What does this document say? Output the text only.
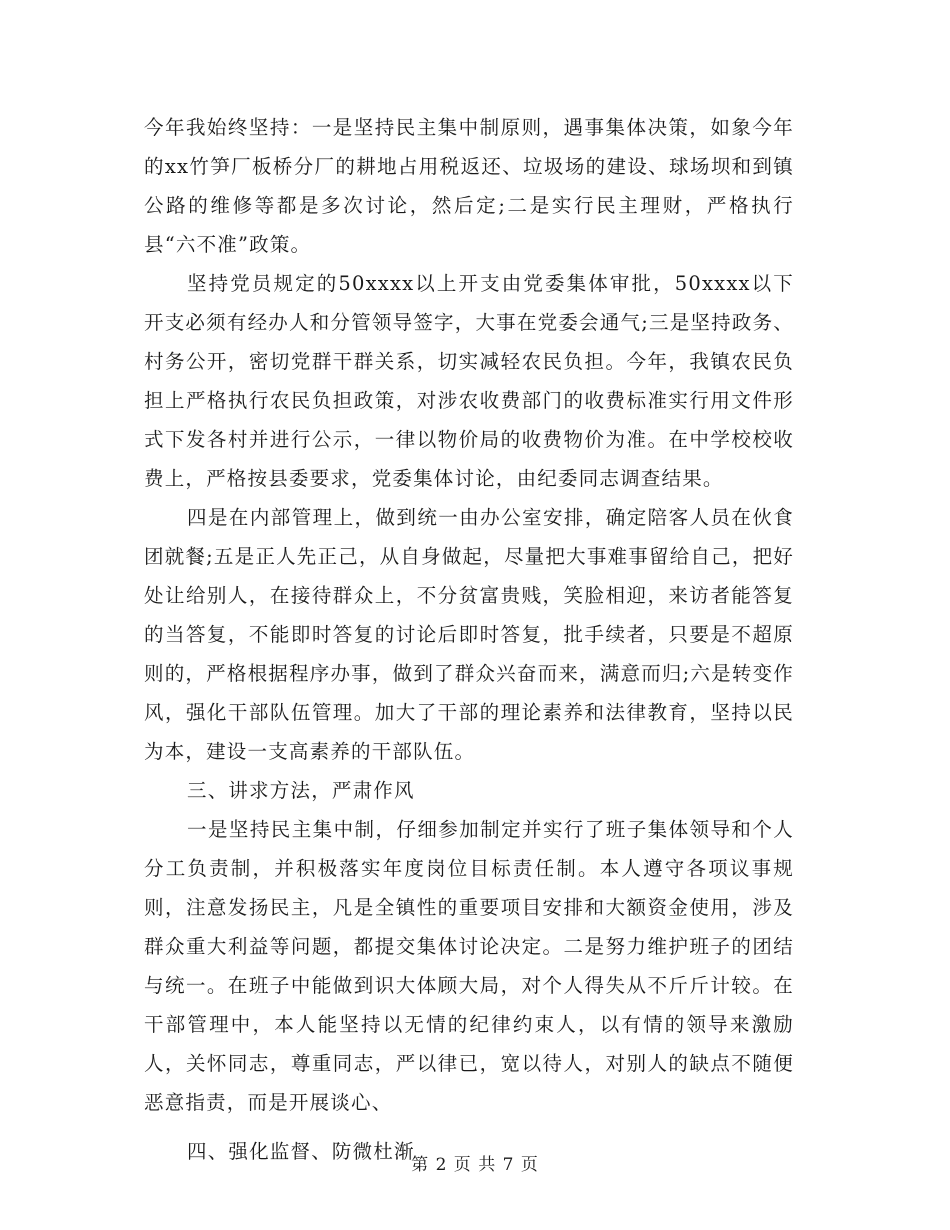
今年我始终坚持：一是坚持民主集中制原则，遇事集体决策，如象今年的xx竹笋厂板桥分厂的耕地占用税返还、垃圾场的建设、球场坝和到镇公路的维修等都是多次讨论，然后定;二是实行民主理财，严格执行县“六不准”政策。

坚持党员规定的50xxxx以上开支由党委集体审批，50xxxx以下开支必须有经办人和分管领导签字，大事在党委会通气;三是坚持政务、村务公开，密切党群干群关系，切实减轻农民负担。今年，我镇农民负担上严格执行农民负担政策，对涉农收费部门的收费标准实行用文件形式下发各村并进行公示，一律以物价局的收费物价为准。在中学校校收费上，严格按县委要求，党委集体讨论，由纪委同志调查结果。

四是在内部管理上，做到统一由办公室安排，确定陪客人员在伙食团就餐;五是正人先正己，从自身做起，尽量把大事难事留给自己，把好处让给别人，在接待群众上，不分贫富贵贱，笑脸相迎，来访者能答复的当答复，不能即时答复的讨论后即时答复，批手续者，只要是不超原则的，严格根据程序办事，做到了群众兴奋而来，满意而归;六是转变作风，强化干部队伍管理。加大了干部的理论素养和法律教育，坚持以民为本，建设一支高素养的干部队伍。

三、讲求方法，严肃作风

一是坚持民主集中制，仔细参加制定并实行了班子集体领导和个人分工负责制，并积极落实年度岗位目标责任制。本人遵守各项议事规则，注意发扬民主，凡是全镇性的重要项目安排和大额资金使用，涉及群众重大利益等问题，都提交集体讨论决定。二是努力维护班子的团结与统一。在班子中能做到识大体顾大局，对个人得失从不斤斤计较。在干部管理中，本人能坚持以无情的纪律约束人，以有情的领导来激励人，关怀同志，尊重同志，严以律已，宽以待人，对别人的缺点不随便恶意指责，而是开展谈心、

四、强化监督、防微杜渐

第 2 页 共 7 页
